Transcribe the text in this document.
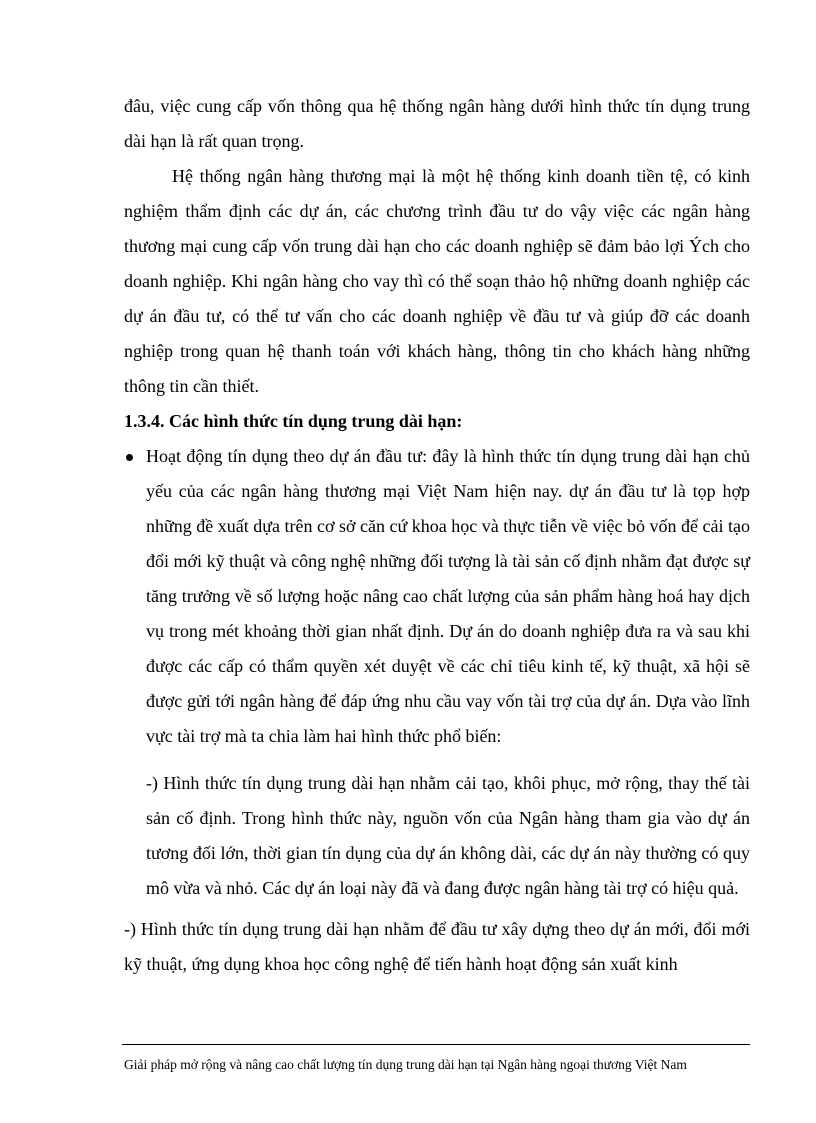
đâu, việc cung cấp vốn thông qua hệ thống ngân hàng dưới hình thức tín dụng trung dài hạn là rất quan trọng.

Hệ thống ngân hàng thương mại là một hệ thống kinh doanh tiền tệ, có kinh nghiệm thẩm định các dự án, các chương trình đầu tư do vậy việc các ngân hàng thương mại cung cấp vốn trung dài hạn cho các doanh nghiệp sẽ đảm bảo lợi Ých cho doanh nghiệp. Khi ngân hàng cho vay thì có thể soạn thảo hộ những doanh nghiệp các dự án đầu tư, có thể tư vấn cho các doanh nghiệp về đầu tư và giúp đỡ các doanh nghiệp trong quan hệ thanh toán với khách hàng, thông tin cho khách hàng những thông tin cần thiết.

1.3.4. Các hình thức tín dụng trung dài hạn:
Hoạt động tín dụng theo dự án đầu tư: đây là hình thức tín dụng trung dài hạn chủ yếu của các ngân hàng thương mại Việt Nam hiện nay. dự án đầu tư là tọp hợp những đề xuất dựa trên cơ sở căn cứ khoa học và thực tiễn về việc bỏ vốn để cải tạo đổi mới kỹ thuật và công nghệ những đối tượng là tài sản cố định nhằm đạt được sự tăng trưởng về số lượng hoặc nâng cao chất lượng của sản phẩm hàng hoá hay dịch vụ trong mét khoảng thời gian nhất định. Dự án do doanh nghiệp đưa ra và sau khi được các cấp có thẩm quyền xét duyệt về các chỉ tiêu kinh tế, kỹ thuật, xã hội sẽ được gửi tới ngân hàng để đáp ứng nhu cầu vay vốn tài trợ của dự án. Dựa vào lĩnh vực tài trợ mà ta chia làm hai hình thức phổ biến:

-) Hình thức tín dụng trung dài hạn nhằm cải tạo, khôi phục, mở rộng, thay thế tài sản cố định. Trong hình thức này, nguồn vốn của Ngân hàng tham gia vào dự án tương đối lớn, thời gian tín dụng của dự án không dài, các dự án này thường có quy mô vừa và nhỏ. Các dự án loại này đã và đang được ngân hàng tài trợ có hiệu quả.

-) Hình thức tín dụng trung dài hạn nhằm để đầu tư xây dựng theo dự án mới, đổi mới kỹ thuật, ứng dụng khoa học công nghệ để tiến hành hoạt động sản xuất kinh

Giải pháp mở rộng và nâng cao chất lượng tín dụng trung dài hạn tại Ngân hàng ngoại thương Việt Nam
